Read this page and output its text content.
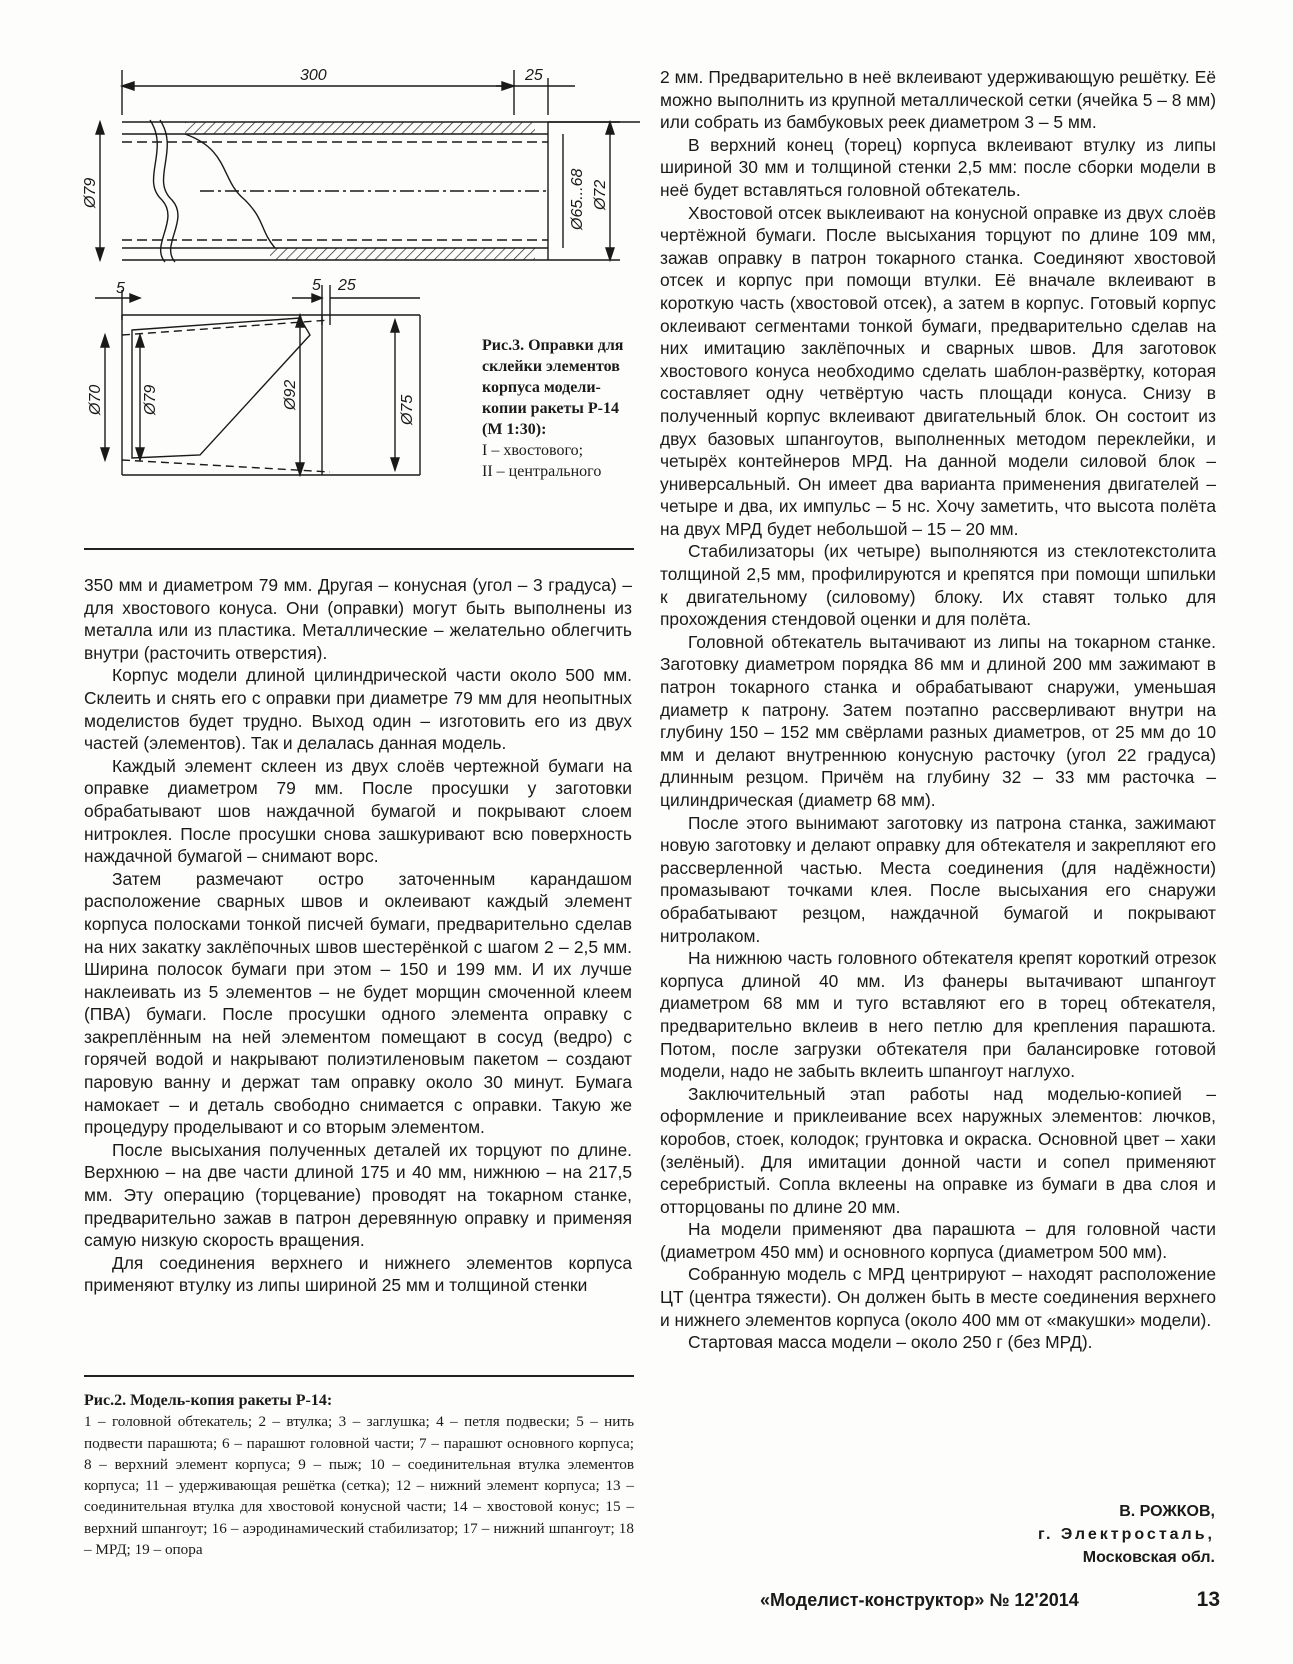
300	25
Ø79	Ø65...68 Ø72
5	5 25
Ø70 Ø79	Ø92	Ø75
Рис.3. Оправки для склейки элементов корпуса модели-копии ракеты Р-14
(М 1:30):
I – хвостового;
II – центрального

350 мм и диаметром 79 мм. Другая – конусная (угол – 3 градуса) – для хвостового конуса. Они (оправки) могут быть выполнены из металла или из пластика. Металлические – желательно облегчить внутри (расточить отверстия).

Корпус модели длиной цилиндрической части около 500 мм. Склеить и снять его с оправки при диаметре 79 мм для неопытных моделистов будет трудно. Выход один – изготовить его из двух частей (элементов). Так и делалась данная модель.

Каждый элемент склеен из двух слоёв чертежной бумаги на оправке диаметром 79 мм. После просушки у заготовки обрабатывают шов наждачной бумагой и покрывают слоем нитроклея. После просушки снова зашкуривают всю поверхность наждачной бумагой – снимают ворс.

Затем размечают остро заточенным карандашом расположение сварных швов и оклеивают каждый элемент корпуса полосками тонкой писчей бумаги, предварительно сделав на них закатку заклёпочных швов шестерёнкой с шагом 2 – 2,5 мм. Ширина полосок бумаги при этом – 150 и 199 мм. И их лучше наклеивать из 5 элементов – не будет морщин смоченной клеем (ПВА) бумаги. После просушки одного элемента оправку с закреплённым на ней элементом помещают в сосуд (ведро) с горячей водой и накрывают полиэтиленовым пакетом – создают паровую ванну и держат там оправку около 30 минут. Бумага намокает – и деталь свободно снимается с оправки. Такую же процедуру проделывают и со вторым элементом.

После высыхания полученных деталей их торцуют по длине. Верхнюю – на две части длиной 175 и 40 мм, нижнюю – на 217,5 мм. Эту операцию (торцевание) проводят на токарном станке, предварительно зажав в патрон деревянную оправку и применяя самую низкую скорость вращения.

Для соединения верхнего и нижнего элементов корпуса применяют втулку из липы шириной 25 мм и толщиной стенки

Рис.2. Модель-копия ракеты Р-14:
1 – головной обтекатель; 2 – втулка; 3 – заглушка; 4 – петля подвески; 5 – нить подвести парашюта; 6 – парашют головной части; 7 – парашют основного корпуса; 8 – верхний элемент корпуса; 9 – пыж; 10 – соединительная втулка элементов корпуса; 11 – удерживающая решётка (сетка); 12 – нижний элемент корпуса; 13 – соединительная втулка для хвостовой конусной части; 14 – хвостовой конус; 15 – верхний шпангоут; 16 – аэродинамический стабилизатор; 17 – нижний шпангоут; 18 – МРД; 19 – опора

2 мм. Предварительно в неё вклеивают удерживающую решётку. Её можно выполнить из крупной металлической сетки (ячейка 5 – 8 мм) или собрать из бамбуковых реек диаметром 3 – 5 мм.

В верхний конец (торец) корпуса вклеивают втулку из липы шириной 30 мм и толщиной стенки 2,5 мм: после сборки модели в неё будет вставляться головной обтекатель.

Хвостовой отсек выклеивают на конусной оправке из двух слоёв чертёжной бумаги. После высыхания торцуют по длине 109 мм, зажав оправку в патрон токарного станка. Соединяют хвостовой отсек и корпус при помощи втулки. Её вначале вклеивают в короткую часть (хвостовой отсек), а затем в корпус. Готовый корпус оклеивают сегментами тонкой бумаги, предварительно сделав на них имитацию заклёпочных и сварных швов. Для заготовок хвостового конуса необходимо сделать шаблон-развёртку, которая составляет одну четвёртую часть площади конуса. Снизу в полученный корпус вклеивают двигательный блок. Он состоит из двух базовых шпангоутов, выполненных методом переклейки, и четырёх контейнеров МРД. На данной модели силовой блок – универсальный. Он имеет два варианта применения двигателей – четыре и два, их импульс – 5 нс. Хочу заметить, что высота полёта на двух МРД будет небольшой – 15 – 20 мм.

Стабилизаторы (их четыре) выполняются из стеклотекстолита толщиной 2,5 мм, профилируются и крепятся при помощи шпильки к двигательному (силовому) блоку. Их ставят только для прохождения стендовой оценки и для полёта.

Головной обтекатель вытачивают из липы на токарном станке. Заготовку диаметром порядка 86 мм и длиной 200 мм зажимают в патрон токарного станка и обрабатывают снаружи, уменьшая диаметр к патрону. Затем поэтапно рассверливают внутри на глубину 150 – 152 мм свёрлами разных диаметров, от 25 мм до 10 мм и делают внутреннюю конусную расточку (угол 22 градуса) длинным резцом. Причём на глубину 32 – 33 мм расточка – цилиндрическая (диаметр 68 мм).

После этого вынимают заготовку из патрона станка, зажимают новую заготовку и делают оправку для обтекателя и закрепляют его рассверленной частью. Места соединения (для надёжности) промазывают точками клея. После высыхания его снаружи обрабатывают резцом, наждачной бумагой и покрывают нитролаком.

На нижнюю часть головного обтекателя крепят короткий отрезок корпуса длиной 40 мм. Из фанеры вытачивают шпангоут диаметром 68 мм и туго вставляют его в торец обтекателя, предварительно вклеив в него петлю для крепления парашюта. Потом, после загрузки обтекателя при балансировке готовой модели, надо не забыть вклеить шпангоут наглухо.

Заключительный этап работы над моделью-копией – оформление и приклеивание всех наружных элементов: лючков, коробов, стоек, колодок; грунтовка и окраска. Основной цвет – хаки (зелёный). Для имитации донной части и сопел применяют серебристый. Сопла вклеены на оправке из бумаги в два слоя и отторцованы по длине 20 мм.

На модели применяют два парашюта – для головной части (диаметром 450 мм) и основного корпуса (диаметром 500 мм).

Собранную модель с МРД центрируют – находят расположение ЦТ (центра тяжести). Он должен быть в месте соединения верхнего и нижнего элементов корпуса (около 400 мм от «макушки» модели).

Стартовая масса модели – около 250 г (без МРД).

В. РОЖКОВ,
г. Электросталь,
Московская обл.
«Моделист-конструктор» № 12'2014	13
